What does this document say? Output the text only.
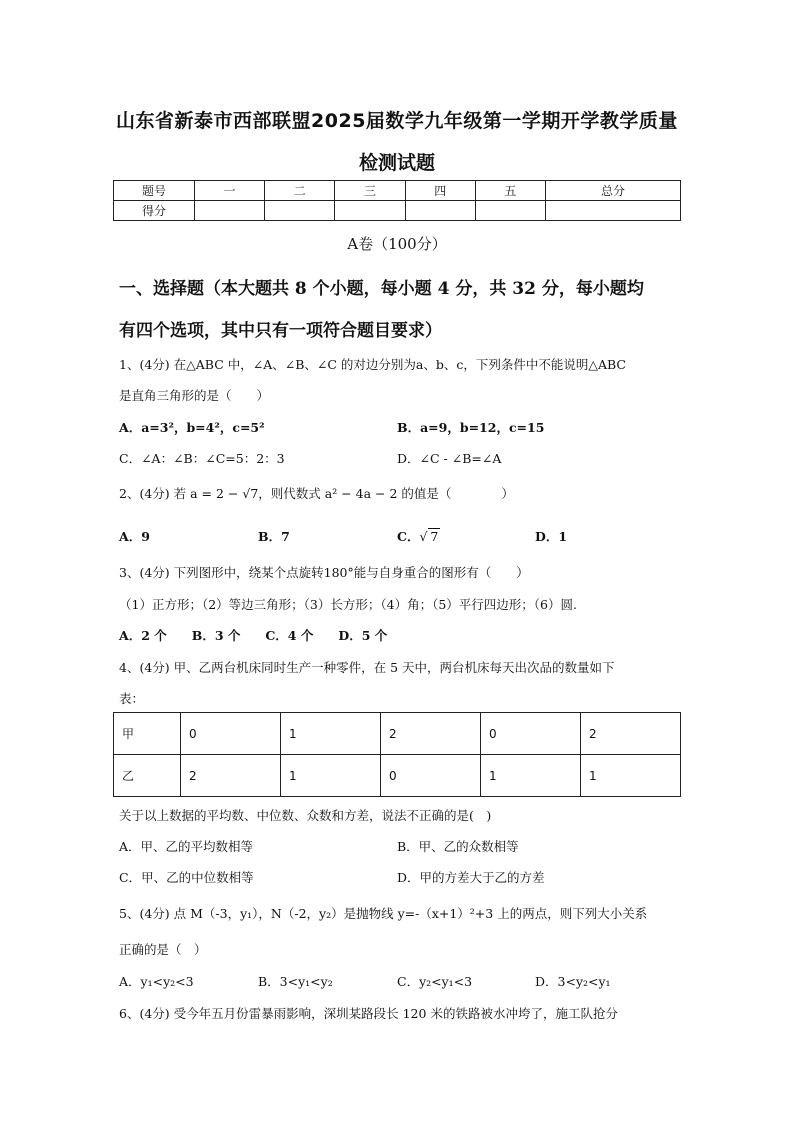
山东省新泰市西部联盟2025届数学九年级第一学期开学教学质量
检测试题
题号	一	二	三	四	五	总分
得分						
A卷（100分）
一、选择题（本大题共 8 个小题，每小题 4 分，共 32 分，每小题均
有四个选项，其中只有一项符合题目要求）
1、(4分) 在△ABC 中，∠A、∠B、∠C 的对边分别为a、b、c，下列条件中不能说明△ABC
是直角三角形的是（　　）
A．a=3²，b=4²，c=5²	B．a=9，b=12，c=15
C．∠A：∠B：∠C=5：2：3	D．∠C - ∠B=∠A
2、(4分) 若 a = 2 − √7，则代数式 a² − 4a − 2 的值是（　　　　）
A．9	B．7	C．√ 7	D．1
3、(4分) 下列图形中，绕某个点旋转180°能与自身重合的图形有（　　）
（1）正方形；（2）等边三角形；（3）长方形；（4）角；（5）平行四边形；（6）圆.
A．2 个　　B．3 个　　C．4 个　　D．5 个
4、(4分) 甲、乙两台机床同时生产一种零件，在 5 天中，两台机床每天出次品的数量如下
表：
甲	0	1	2	0	2
乙	2	1	0	1	1
关于以上数据的平均数、中位数、众数和方差，说法不正确的是(　)
A．甲、乙的平均数相等	B．甲、乙的众数相等
C．甲、乙的中位数相等	D．甲的方差大于乙的方差
5、(4分) 点 M（-3，y₁），N（-2，y₂）是抛物线 y=-（x+1）²+3 上的两点，则下列大小关系
正确的是（　）
A．y₁<y₂<3	B．3<y₁<y₂	C．y₂<y₁<3	D．3<y₂<y₁
6、(4分) 受今年五月份雷暴雨影响，深圳某路段长 120 米的铁路被水冲垮了，施工队抢分
